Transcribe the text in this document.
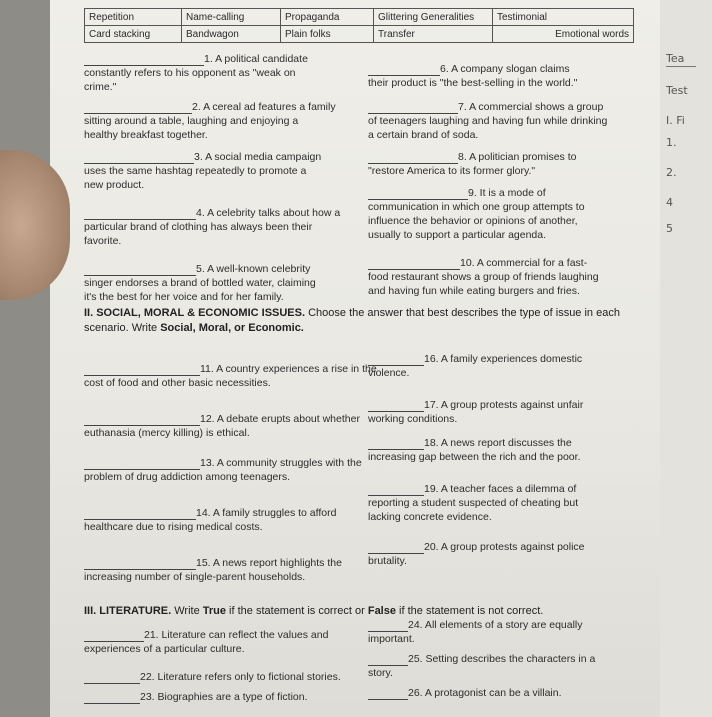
Repetition	Name-calling	Propaganda	Glittering Generalities	Testimonial
Card stacking	Bandwagon	Plain folks	Transfer	Emotional words
1. A political candidate
constantly refers to his opponent as "weak on
crime."
2. A cereal ad features a family
sitting around a table, laughing and enjoying a
healthy breakfast together.
3. A social media campaign
uses the same hashtag repeatedly to promote a
new product.
4. A celebrity talks about how a
particular brand of clothing has always been their
favorite.
5. A well-known celebrity
singer endorses a brand of bottled water, claiming
it's the best for her voice and for her family.
6. A company slogan claims
their product is "the best-selling in the world."
7. A commercial shows a group
of teenagers laughing and having fun while drinking
a certain brand of soda.
8. A politician promises to
"restore America to its former glory."
9. It is a mode of
communication in which one group attempts to
influence the behavior or opinions of another,
usually to support a particular agenda.
10. A commercial for a fast-
food restaurant shows a group of friends laughing
and having fun while eating burgers and fries.
II. SOCIAL, MORAL & ECONOMIC ISSUES. Choose the answer that best describes the type of issue in each
scenario. Write Social, Moral, or Economic.
11. A country experiences a rise in the
cost of food and other basic necessities.
12. A debate erupts about whether
euthanasia (mercy killing) is ethical.
13. A community struggles with the
problem of drug addiction among teenagers.
14. A family struggles to afford
healthcare due to rising medical costs.
15. A news report highlights the
increasing number of single-parent households.
16. A family experiences domestic
violence.
17. A group protests against unfair
working conditions.
18. A news report discusses the
increasing gap between the rich and the poor.
19. A teacher faces a dilemma of
reporting a student suspected of cheating but
lacking concrete evidence.
20. A group protests against police
brutality.
III. LITERATURE. Write True if the statement is correct or False if the statement is not correct.
21. Literature can reflect the values and
experiences of a particular culture.
22. Literature refers only to fictional stories.
23. Biographies are a type of fiction.
24. All elements of a story are equally
important.
25. Setting describes the characters in a
story.
26. A protagonist can be a villain.
Tea
Test
I. Fi
1.
2.
4
5
